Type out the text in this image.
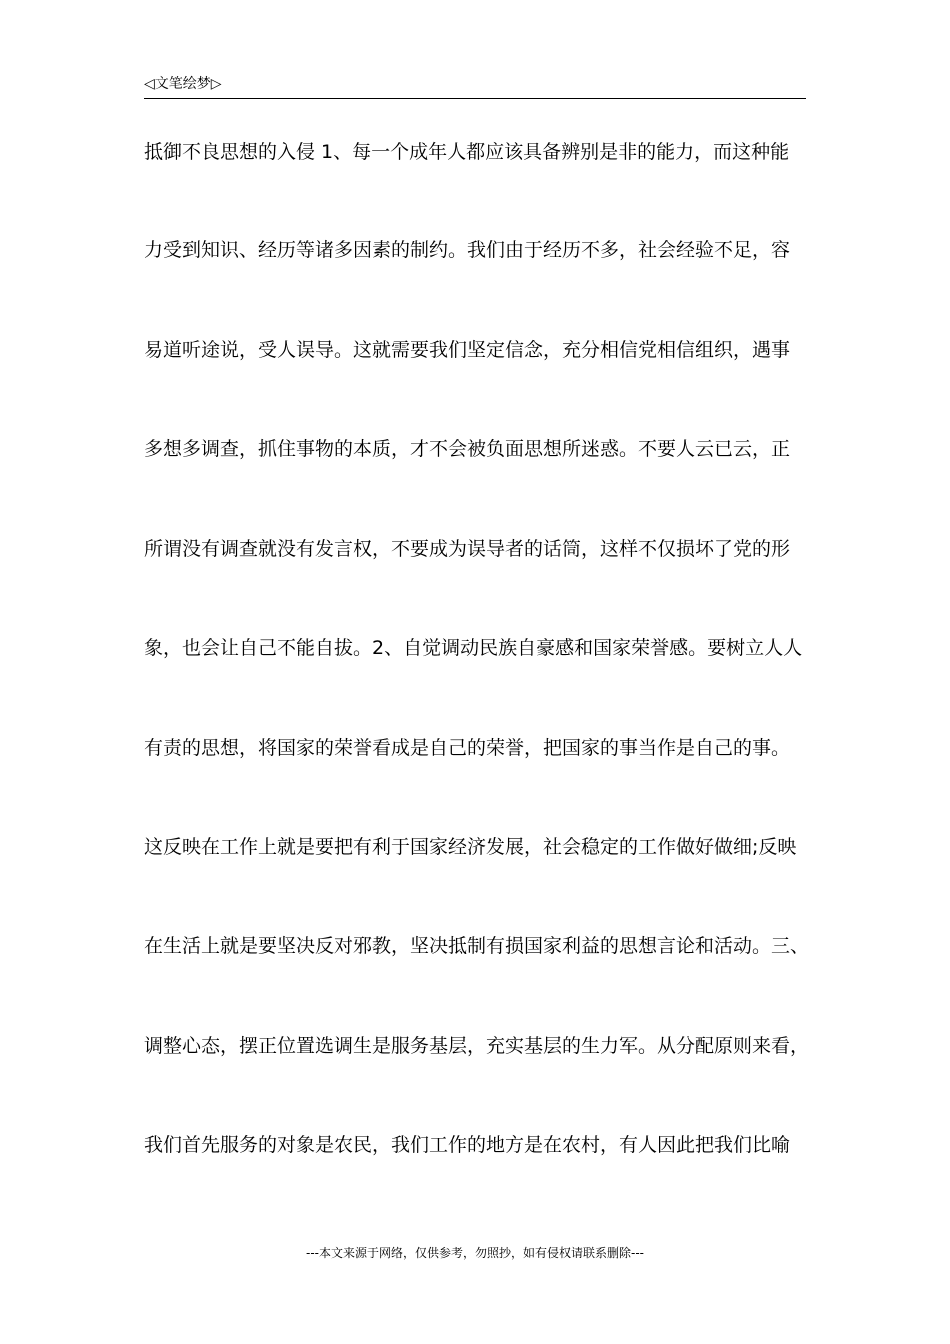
◁文笔绘梦▷
抵御不良思想的入侵 1、每一个成年人都应该具备辨别是非的能力，而这种能
力受到知识、经历等诸多因素的制约。我们由于经历不多，社会经验不足，容
易道听途说，受人误导。这就需要我们坚定信念，充分相信党相信组织，遇事
多想多调查，抓住事物的本质，才不会被负面思想所迷惑。不要人云已云，正
所谓没有调查就没有发言权，不要成为误导者的话筒，这样不仅损坏了党的形
象，也会让自己不能自拔。2、自觉调动民族自豪感和国家荣誉感。要树立人人
有责的思想，将国家的荣誉看成是自己的荣誉，把国家的事当作是自己的事。
这反映在工作上就是要把有利于国家经济发展，社会稳定的工作做好做细;反映
在生活上就是要坚决反对邪教，坚决抵制有损国家利益的思想言论和活动。三、
调整心态，摆正位置选调生是服务基层，充实基层的生力军。从分配原则来看，
我们首先服务的对象是农民，我们工作的地方是在农村，有人因此把我们比喻
---本文来源于网络，仅供参考，勿照抄，如有侵权请联系删除---
